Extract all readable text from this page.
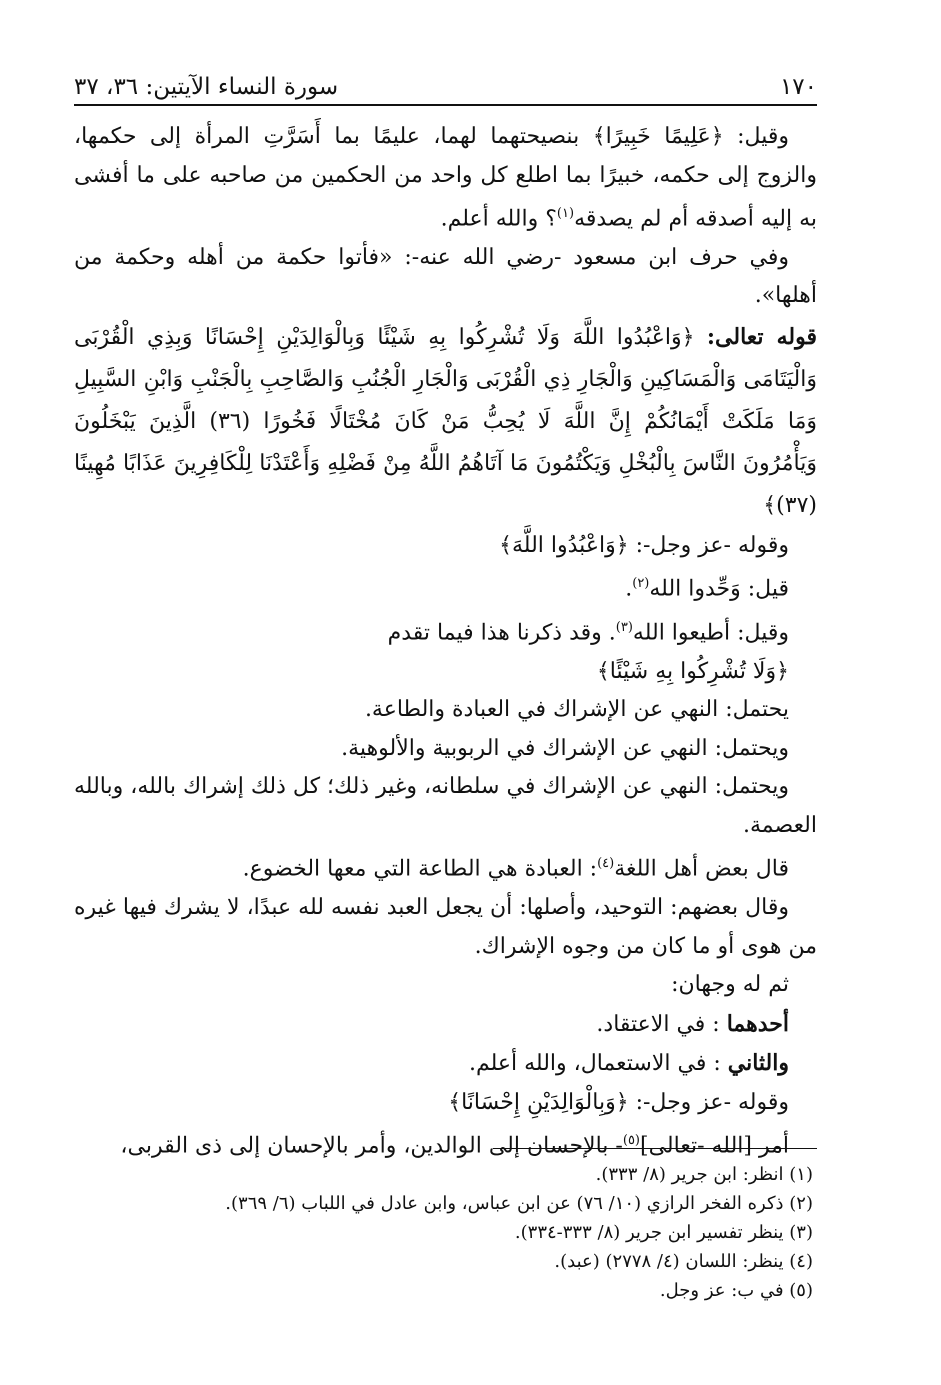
١٧٠
سورة النساء الآيتين: ٣٦، ٣٧

وقيل: ﴿عَلِيمًا خَبِيرًا﴾ بنصيحتهما لهما، عليمًا بما أَسَرَّتِ المرأة إلى حكمها، والزوج إلى حكمه، خبيرًا بما اطلع كل واحد من الحكمين من صاحبه على ما أفشى به إليه أصدقه أم لم يصدقه$^{(١)}$؟ والله أعلم.

وفي حرف ابن مسعود -رضي الله عنه-: «فأتوا حكمة من أهله وحكمة من أهلها».

قوله تعالى: ﴿وَاعْبُدُوا اللَّهَ وَلَا تُشْرِكُوا بِهِ شَيْئًا وَبِالْوَالِدَيْنِ إِحْسَانًا وَبِذِي الْقُرْبَى وَالْيَتَامَى وَالْمَسَاكِينِ وَالْجَارِ ذِي الْقُرْبَى وَالْجَارِ الْجُنُبِ وَالصَّاحِبِ بِالْجَنْبِ وَابْنِ السَّبِيلِ وَمَا مَلَكَتْ أَيْمَانُكُمْ إِنَّ اللَّهَ لَا يُحِبُّ مَنْ كَانَ مُخْتَالًا فَخُورًا (٣٦) الَّذِينَ يَبْخَلُونَ وَيَأْمُرُونَ النَّاسَ بِالْبُخْلِ وَيَكْتُمُونَ مَا آتَاهُمُ اللَّهُ مِنْ فَضْلِهِ وَأَعْتَدْنَا لِلْكَافِرِينَ عَذَابًا مُهِينًا (٣٧)﴾

وقوله -عز وجل-: ﴿وَاعْبُدُوا اللَّهَ﴾

قيل: وَحِّدوا الله$^{(٢)}$.

وقيل: أطيعوا الله$^{(٣)}$. وقد ذكرنا هذا فيما تقدم

﴿وَلَا تُشْرِكُوا بِهِ شَيْئًا﴾

يحتمل: النهي عن الإشراك في العبادة والطاعة.

ويحتمل: النهي عن الإشراك في الربوبية والألوهية.

ويحتمل: النهي عن الإشراك في سلطانه، وغير ذلك؛ كل ذلك إشراك بالله، وبالله العصمة.

قال بعض أهل اللغة$^{(٤)}$: العبادة هي الطاعة التي معها الخضوع.

وقال بعضهم: التوحيد، وأصلها: أن يجعل العبد نفسه لله عبدًا، لا يشرك فيها غيره من هوى أو ما كان من وجوه الإشراك.

ثم له وجهان:

أحدهما : في الاعتقاد.

والثاني : في الاستعمال، والله أعلم.

وقوله -عز وجل-: ﴿وَبِالْوَالِدَيْنِ إِحْسَانًا﴾

أمر [الله -تعالى]$^{(٥)}$- بالإحسان إلى الوالدين، وأمر بالإحسان إلى ذى القربى،

(١) انظر: ابن جرير (٨/ ٣٣٣).
(٢) ذكره الفخر الرازي (١٠/ ٧٦) عن ابن عباس، وابن عادل في اللباب (٦/ ٣٦٩).
(٣) ينظر تفسير ابن جرير (٨/ ٣٣٣-٣٣٤).
(٤) ينظر: اللسان (٤/ ٢٧٧٨) (عبد).
(٥) في ب: عز وجل.
